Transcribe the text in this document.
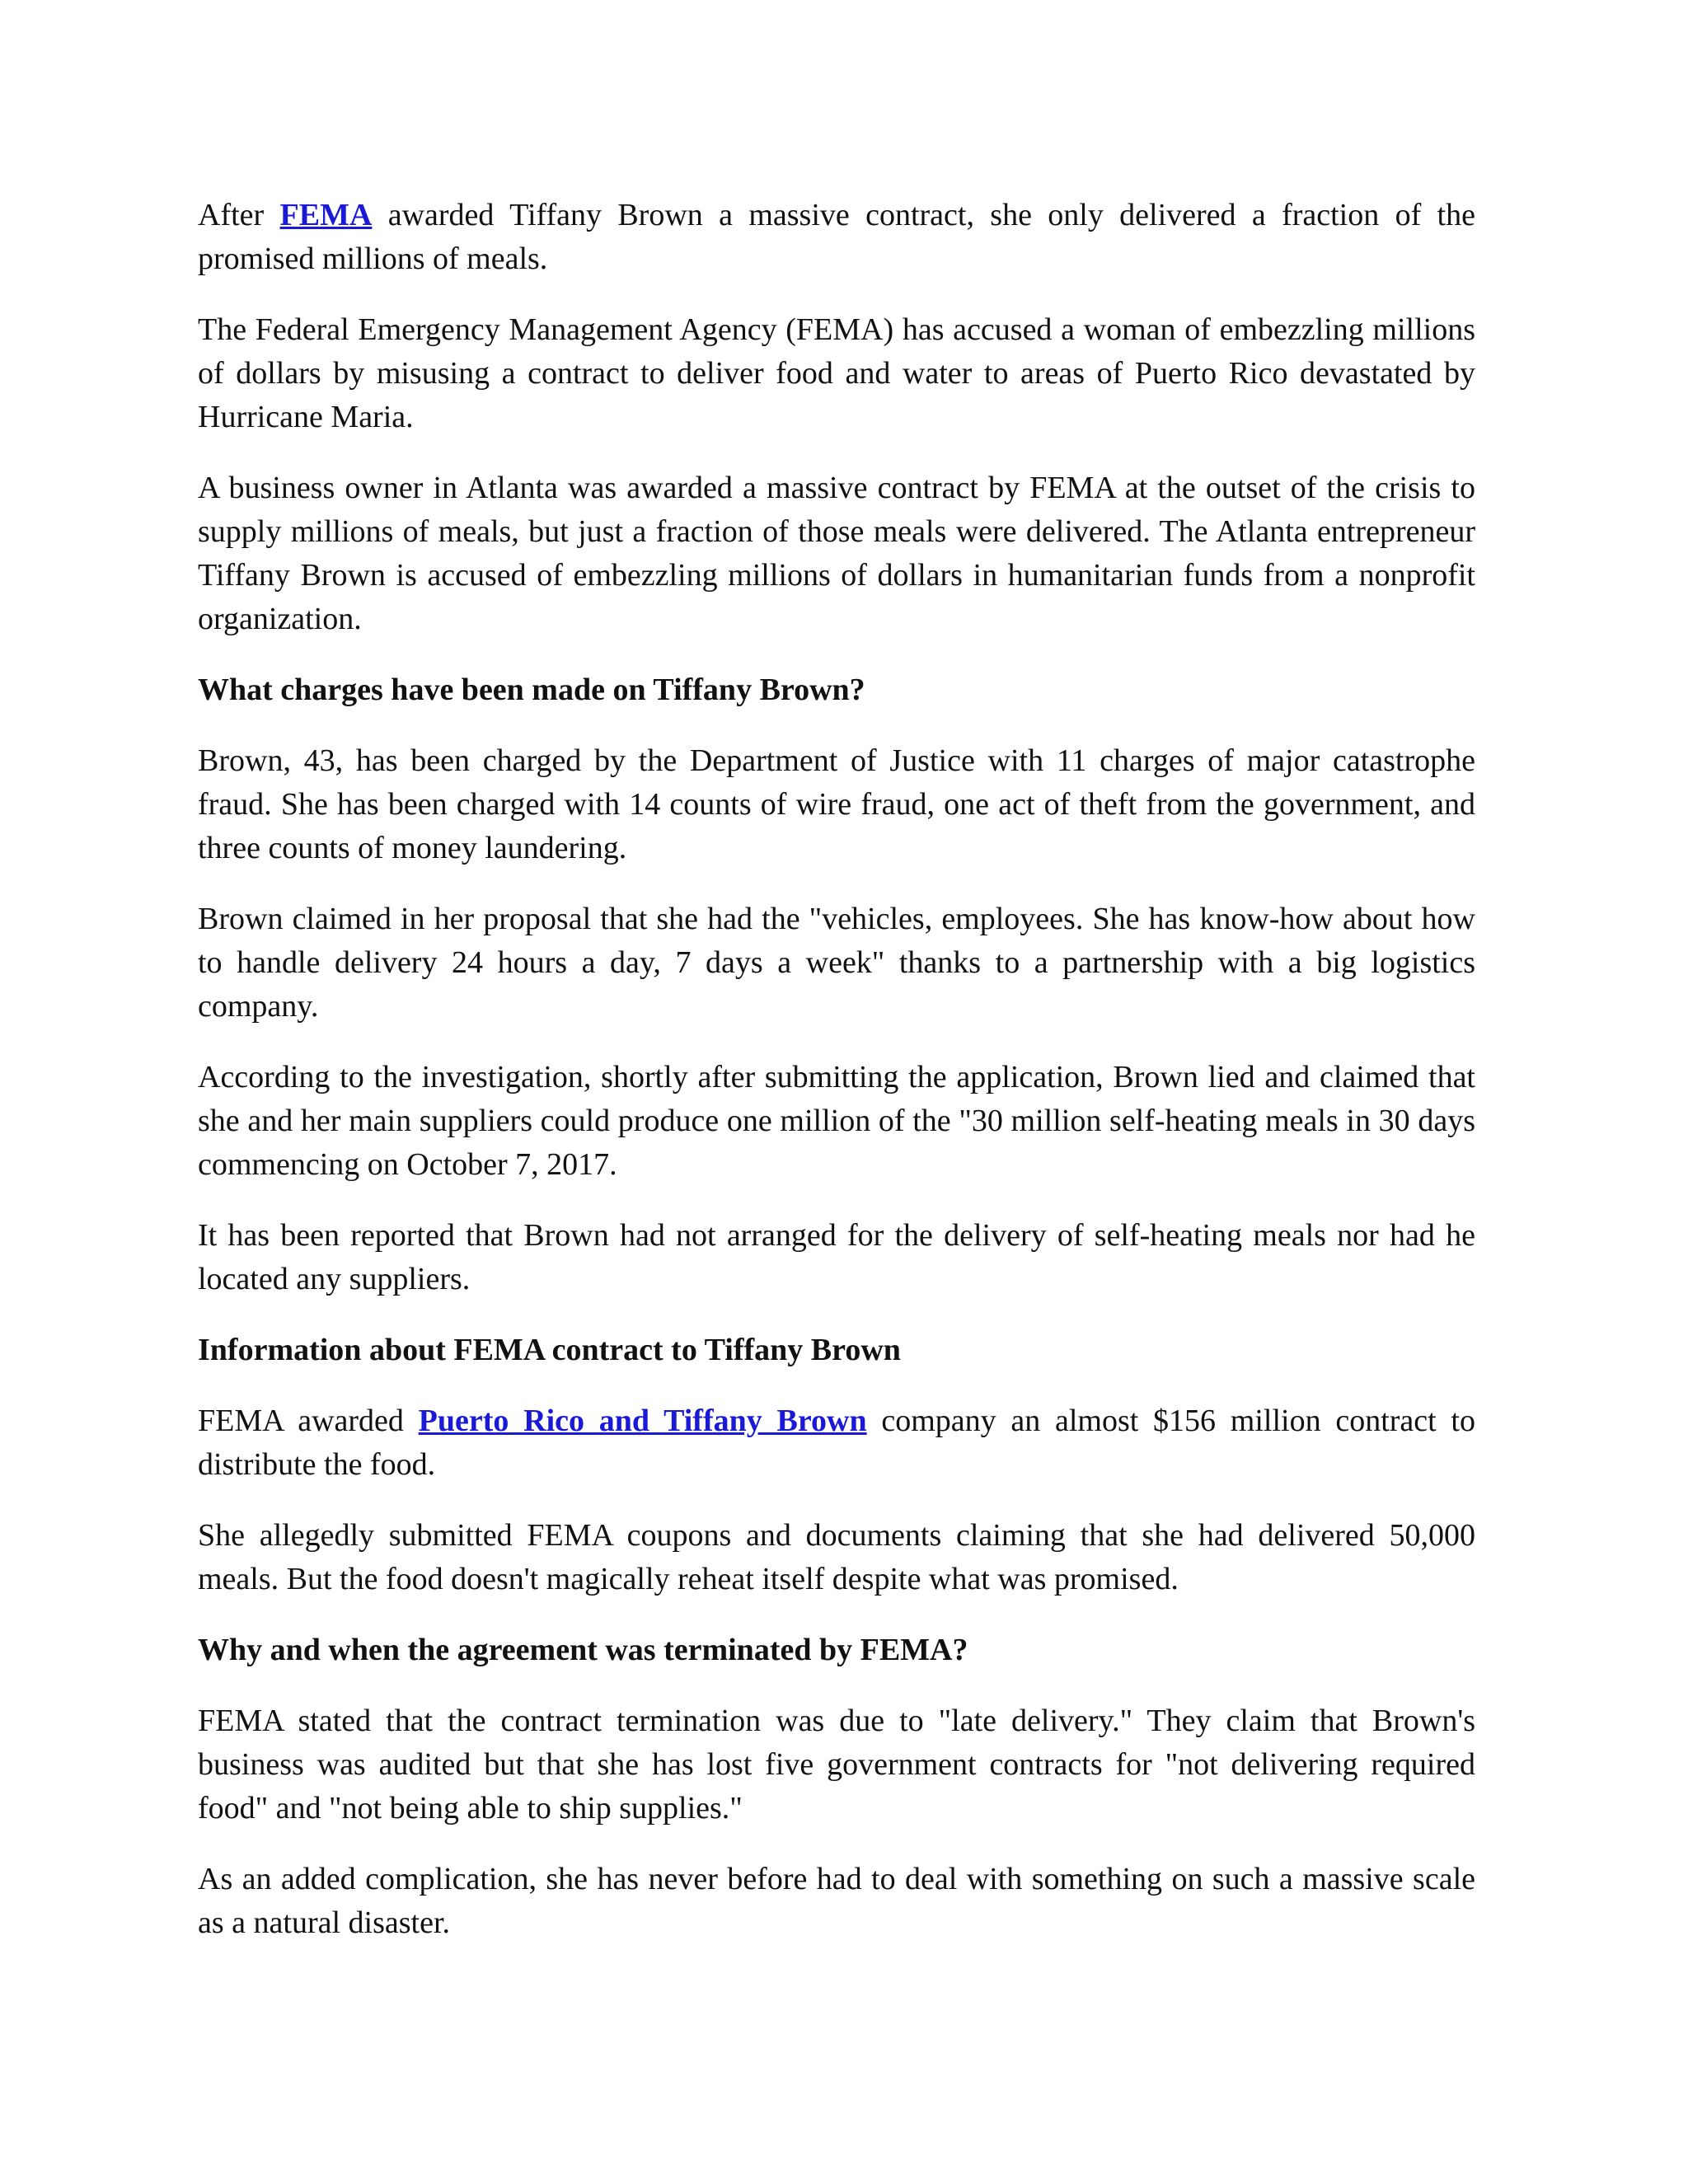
After FEMA awarded Tiffany Brown a massive contract, she only delivered a fraction of the promised millions of meals.

The Federal Emergency Management Agency (FEMA) has accused a woman of embezzling millions of dollars by misusing a contract to deliver food and water to areas of Puerto Rico devastated by Hurricane Maria.

A business owner in Atlanta was awarded a massive contract by FEMA at the outset of the crisis to supply millions of meals, but just a fraction of those meals were delivered. The Atlanta entrepreneur Tiffany Brown is accused of embezzling millions of dollars in humanitarian funds from a nonprofit organization.

What charges have been made on Tiffany Brown?

Brown, 43, has been charged by the Department of Justice with 11 charges of major catastrophe fraud. She has been charged with 14 counts of wire fraud, one act of theft from the government, and three counts of money laundering.

Brown claimed in her proposal that she had the "vehicles, employees. She has know-how about how to handle delivery 24 hours a day, 7 days a week" thanks to a partnership with a big logistics company.

According to the investigation, shortly after submitting the application, Brown lied and claimed that she and her main suppliers could produce one million of the "30 million self-heating meals in 30 days commencing on October 7, 2017.

It has been reported that Brown had not arranged for the delivery of self-heating meals nor had he located any suppliers.

Information about FEMA contract to Tiffany Brown

FEMA awarded Puerto Rico and Tiffany Brown company an almost $156 million contract to distribute the food.

She allegedly submitted FEMA coupons and documents claiming that she had delivered 50,000 meals. But the food doesn't magically reheat itself despite what was promised.

Why and when the agreement was terminated by FEMA?

FEMA stated that the contract termination was due to "late delivery." They claim that Brown's business was audited but that she has lost five government contracts for "not delivering required food" and "not being able to ship supplies."

As an added complication, she has never before had to deal with something on such a massive scale as a natural disaster.
